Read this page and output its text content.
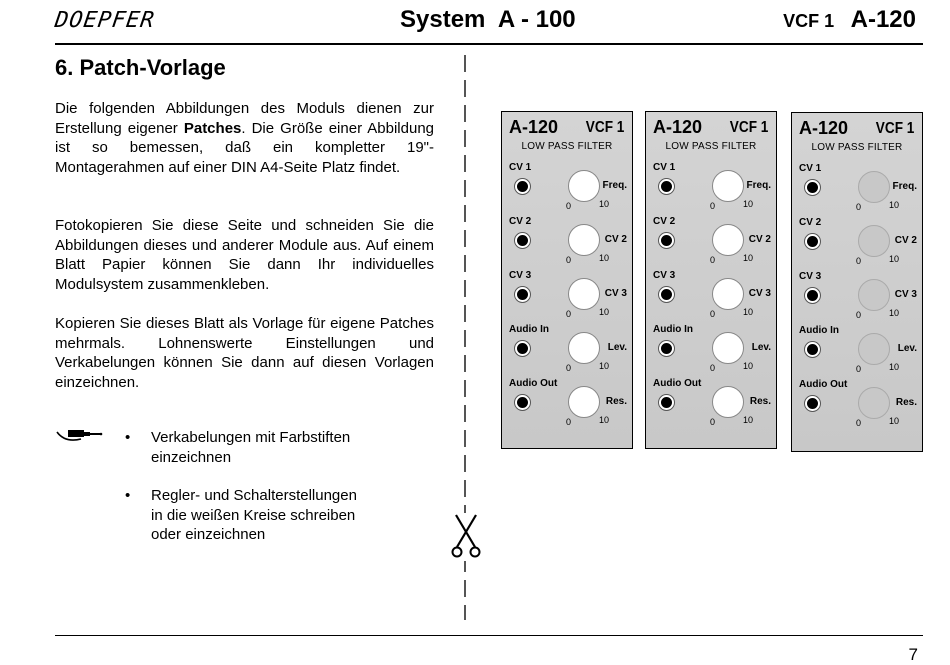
DOEPFER	System  A - 100	VCF 1 A-120
6. Patch-Vorlage

Die folgenden Abbildungen des Moduls dienen zur Erstellung eigener Patches. Die Größe einer Abbildung ist so bemessen, daß ein kompletter 19"-Montagerahmen auf einer DIN A4-Seite Platz findet.

Fotokopieren Sie diese Seite und schneiden Sie die Abbildungen dieses und anderer Module aus. Auf einem Blatt Papier können Sie dann Ihr individuelles Modulsystem zusammenkleben.

Kopieren Sie dieses Blatt als Vorlage für eigene Patches mehrmals. Lohnenswerte Einstellungen und Verkabelungen können Sie dann auf diesen Vorlagen einzeichnen.

•	Verkabelungen mit Farbstiften
einzeichnen
•	Regler- und Schalterstellungen
in die weißen Kreise schreiben
oder einzeichnen
A-120 VCF 1
LOW PASS FILTER
CV 1
Freq.
0	10
CV 2
CV 2
0	10
CV 3
CV 3
0	10
Audio In
Lev.
0	10
Audio Out
Res.
0	10
A-120 VCF 1
LOW PASS FILTER
CV 1
Freq.
0	10
CV 2
CV 2
0	10
CV 3
CV 3
0	10
Audio In
Lev.
0	10
Audio Out
Res.
0	10
A-120 VCF 1
LOW PASS FILTER
CV 1
Freq.
0	10
CV 2
CV 2
0	10
CV 3
CV 3
0	10
Audio In
Lev.
0	10
Audio Out
Res.
0	10
7
